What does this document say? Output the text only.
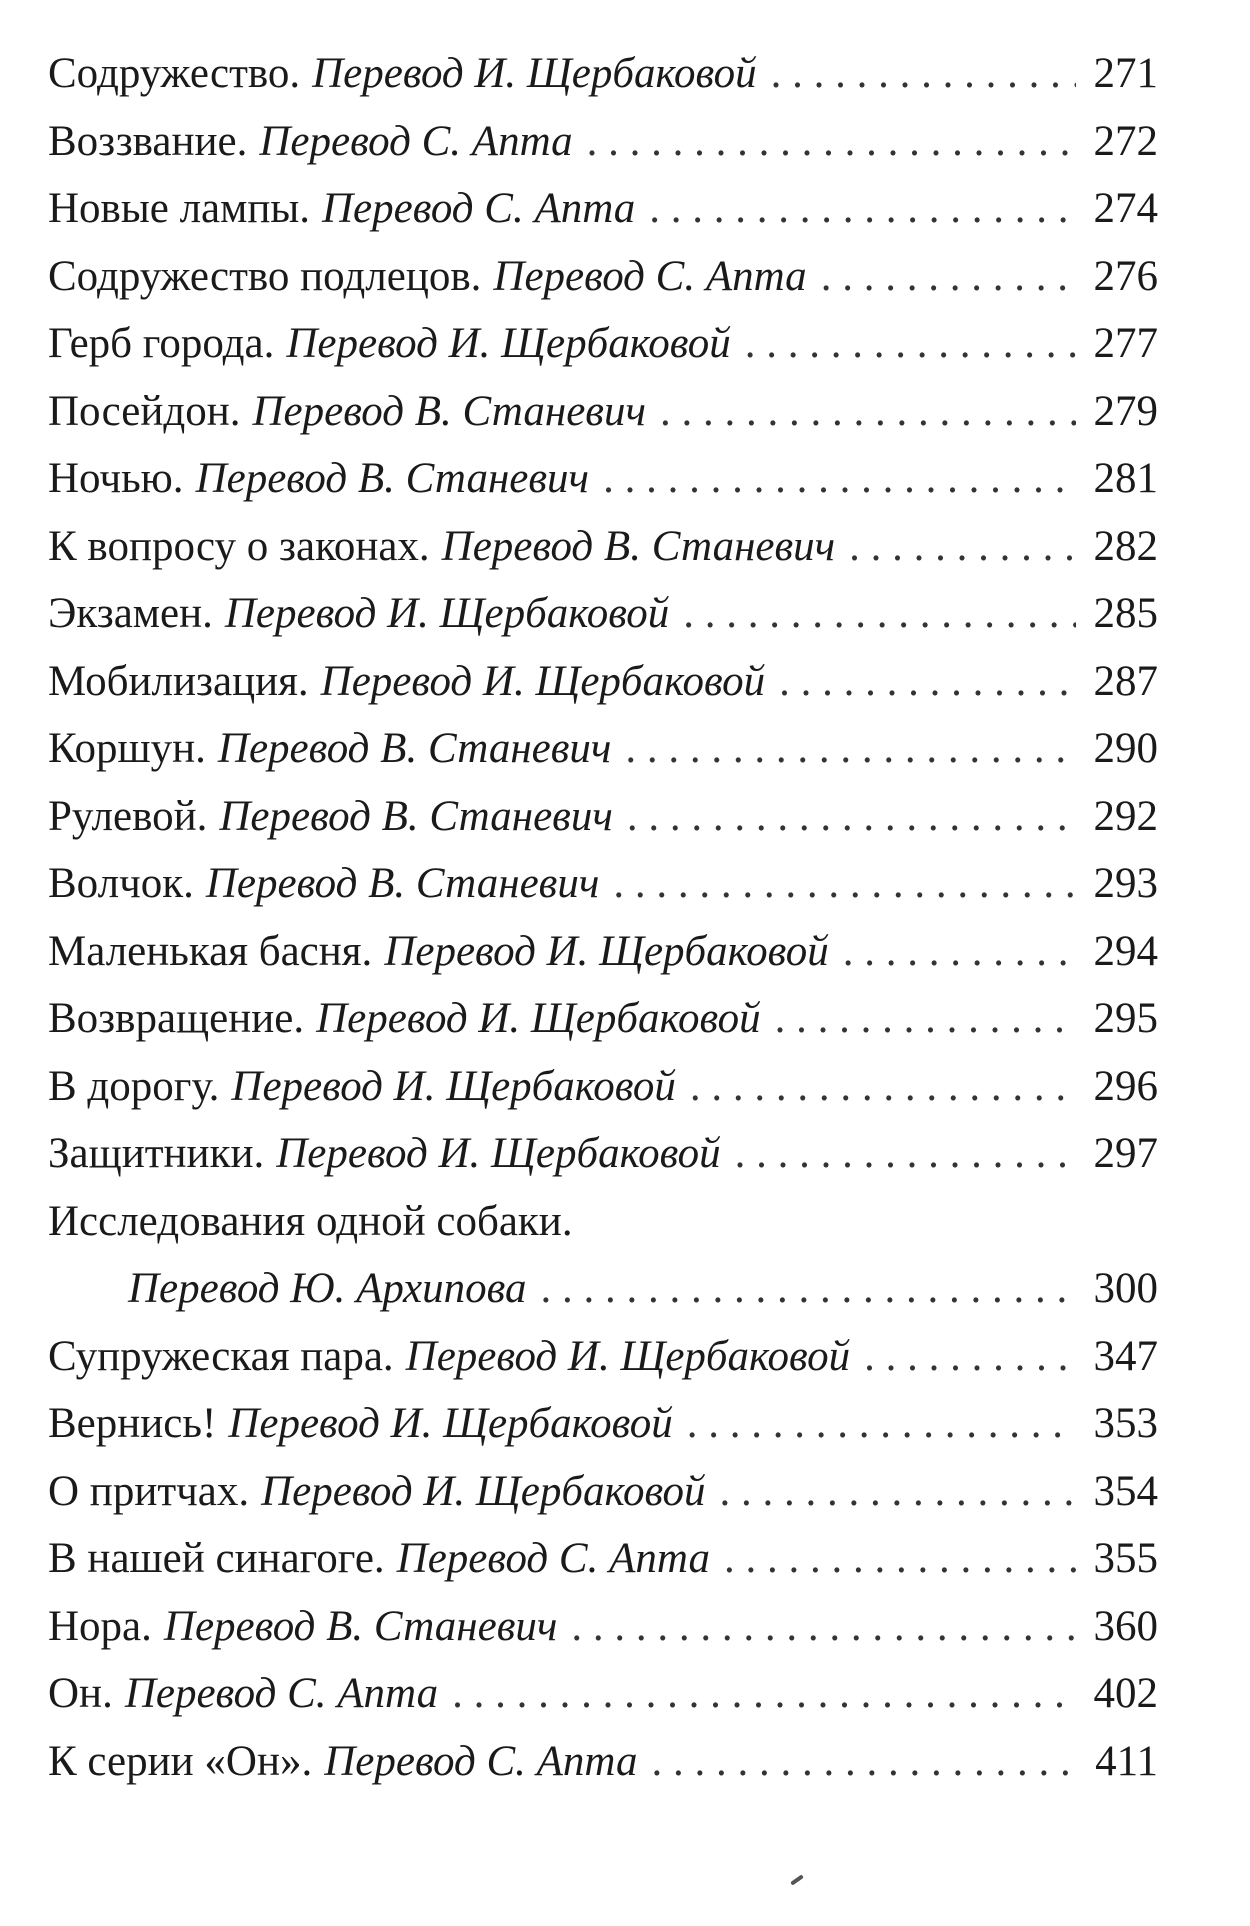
Содружество. Перевод И. Щербаковой . . .	271
Воззвание. Перевод С. Апта . . .	272
Новые лампы. Перевод С. Апта . . .	274
Содружество подлецов. Перевод С. Апта . . .	276
Герб города. Перевод И. Щербаковой . . .	277
Посейдон. Перевод В. Станевич . . .	279
Ночью. Перевод В. Станевич . . .	281
К вопросу о законах. Перевод В. Станевич . . .	282
Экзамен. Перевод И. Щербаковой . . .	285
Мобилизация. Перевод И. Щербаковой . . .	287
Коршун. Перевод В. Станевич . . .	290
Рулевой. Перевод В. Станевич . . .	292
Волчок. Перевод В. Станевич . . .	293
Маленькая басня. Перевод И. Щербаковой . . .	294
Возвращение. Перевод И. Щербаковой . . .	295
В дорогу. Перевод И. Щербаковой . . .	296
Защитники. Перевод И. Щербаковой . . .	297
Исследования одной собаки.
Перевод Ю. Архипова . . .	300
Супружеская пара. Перевод И. Щербаковой . . .	347
Вернись! Перевод И. Щербаковой . . .	353
О притчах. Перевод И. Щербаковой . . .	354
В нашей синагоге. Перевод С. Апта . . .	355
Нора. Перевод В. Станевич . . .	360
Он. Перевод С. Апта . . .	402
К серии «Он». Перевод С. Апта . . .	411
